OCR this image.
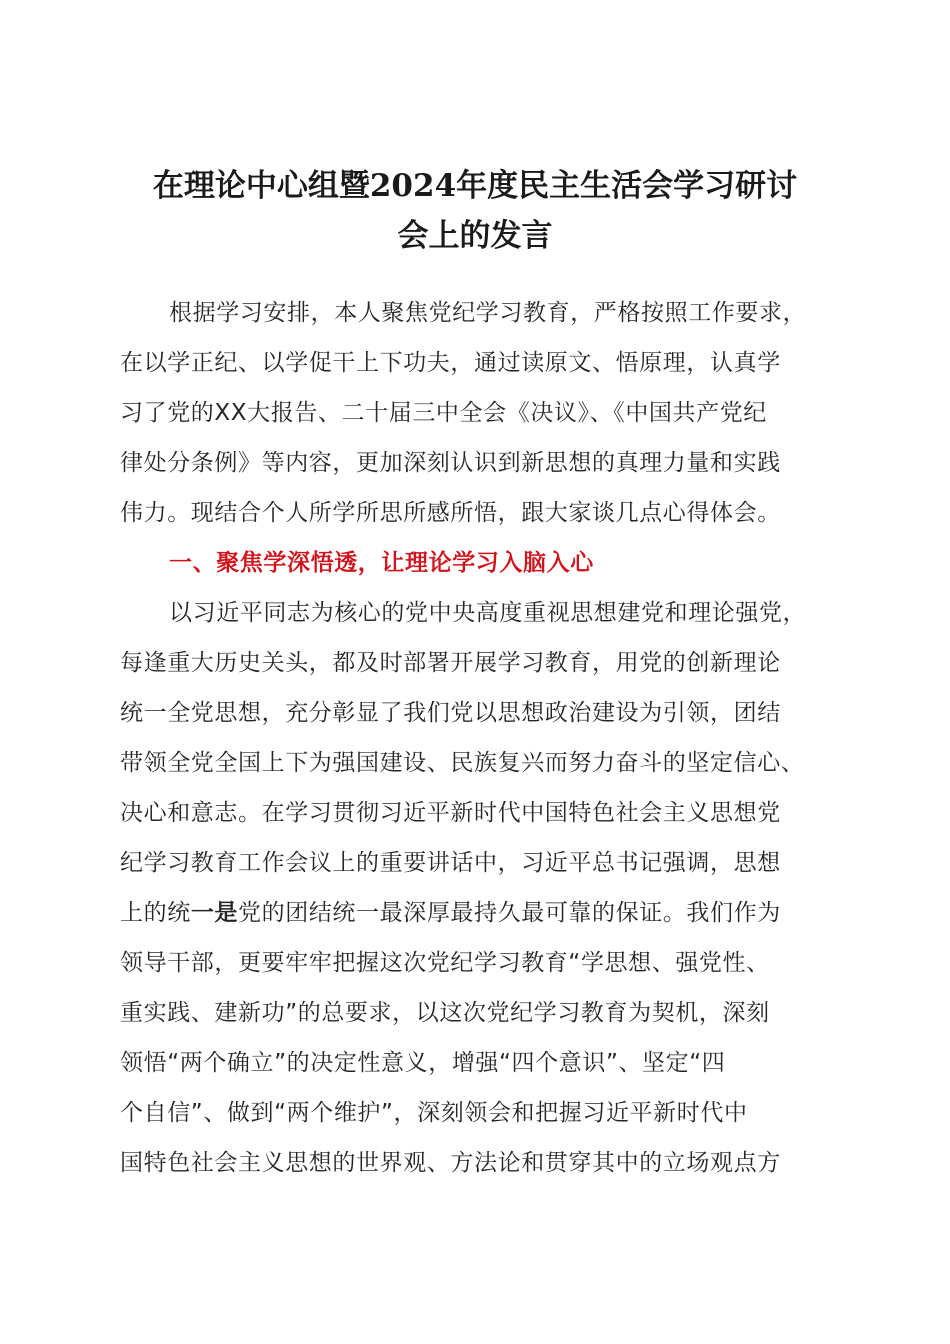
在理论中心组暨2024年度民主生活会学习研讨
会上的发言
根据学习安排，本人聚焦党纪学习教育，严格按照工作要求，
在以学正纪、以学促干上下功夫，通过读原文、悟原理，认真学
习了党的XX大报告、二十届三中全会《决议》、《中国共产党纪
律处分条例》等内容，更加深刻认识到新思想的真理力量和实践
伟力。现结合个人所学所思所感所悟，跟大家谈几点心得体会。
一、聚焦学深悟透，让理论学习入脑入心
以习近平同志为核心的党中央高度重视思想建党和理论强党，
每逢重大历史关头，都及时部署开展学习教育，用党的创新理论
统一全党思想，充分彰显了我们党以思想政治建设为引领，团结
带领全党全国上下为强国建设、民族复兴而努力奋斗的坚定信心、
决心和意志。在学习贯彻习近平新时代中国特色社会主义思想党
纪学习教育工作会议上的重要讲话中，习近平总书记强调，思想
上的统一是党的团结统一最深厚最持久最可靠的保证。我们作为
领导干部，更要牢牢把握这次党纪学习教育“学思想、强党性、
重实践、建新功”的总要求，以这次党纪学习教育为契机，深刻
领悟“两个确立”的决定性意义，增强“四个意识”、坚定“四
个自信”、做到“两个维护”，深刻领会和把握习近平新时代中
国特色社会主义思想的世界观、方法论和贯穿其中的立场观点方
